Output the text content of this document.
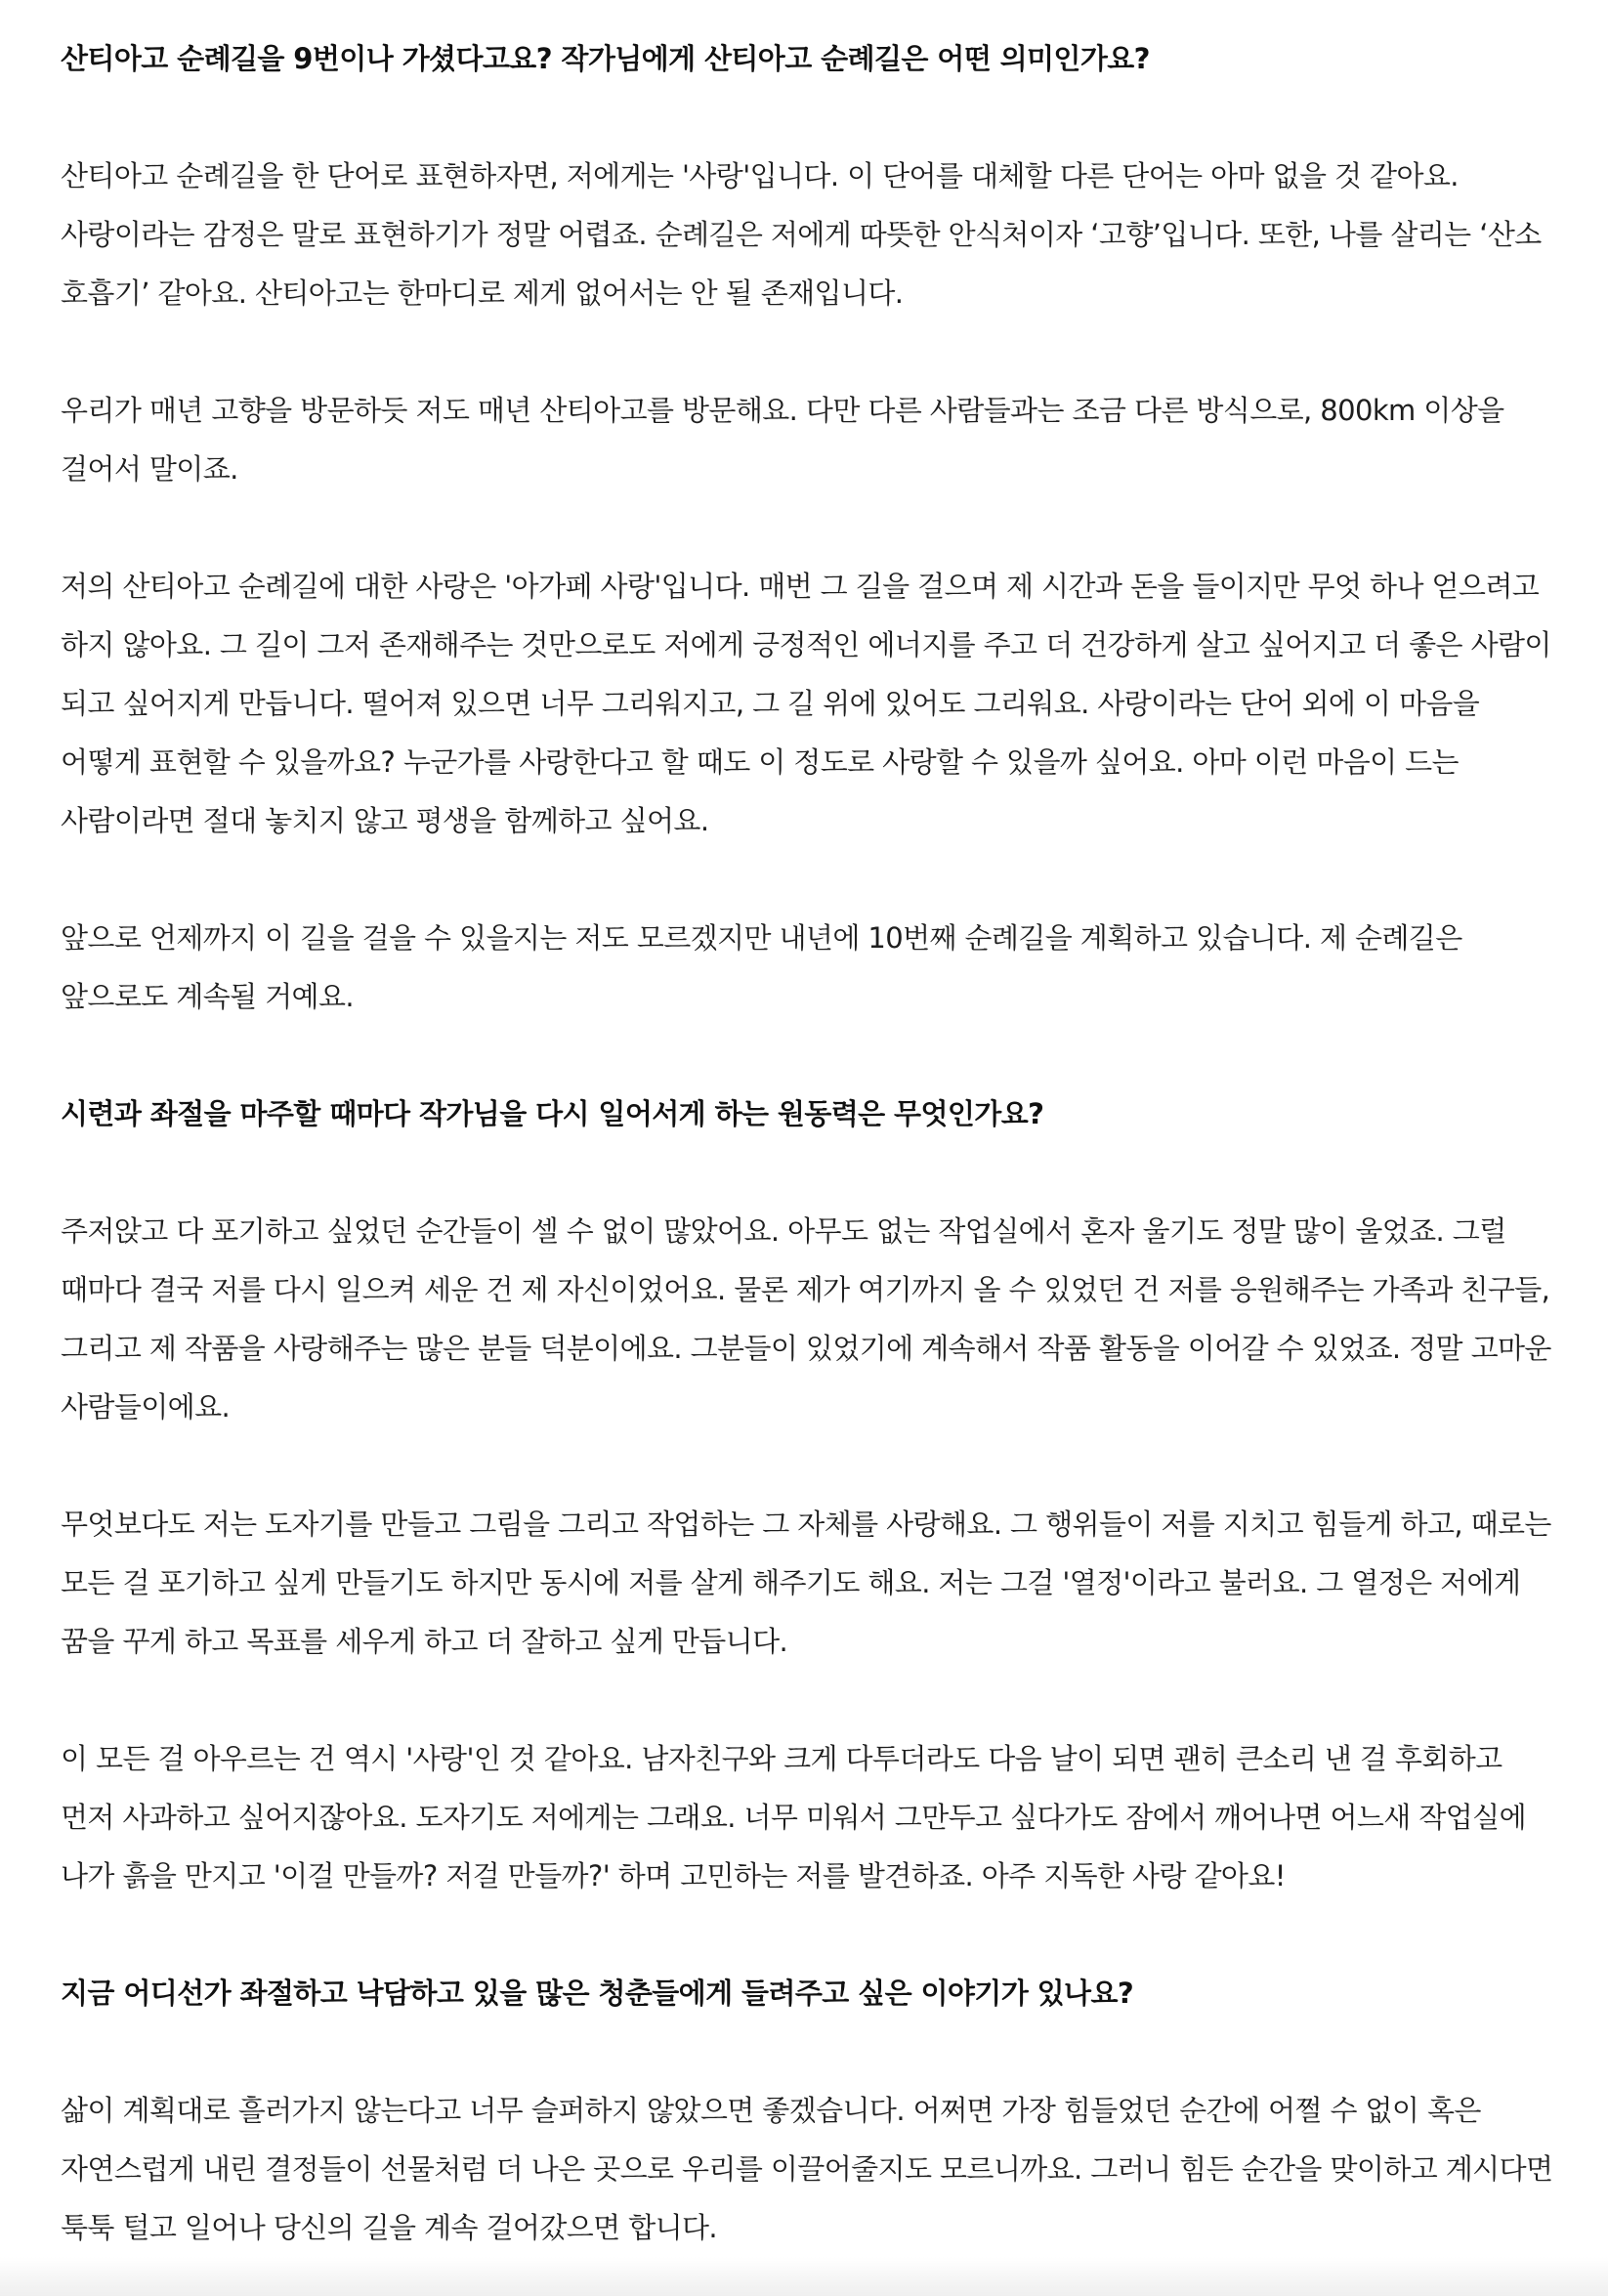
산티아고 순례길을 9번이나 가셨다고요? 작가님에게 산티아고 순례길은 어떤 의미인가요?

산티아고 순례길을 한 단어로 표현하자면, 저에게는 '사랑'입니다. 이 단어를 대체할 다른 단어는 아마 없을 것 같아요. 사랑이라는 감정은 말로 표현하기가 정말 어렵죠. 순례길은 저에게 따뜻한 안식처이자 ‘고향’입니다. 또한, 나를 살리는 ‘산소 호흡기’ 같아요. 산티아고는 한마디로 제게 없어서는 안 될 존재입니다.

우리가 매년 고향을 방문하듯 저도 매년 산티아고를 방문해요. 다만 다른 사람들과는 조금 다른 방식으로, 800km 이상을 걸어서 말이죠.

저의 산티아고 순례길에 대한 사랑은 '아가페 사랑'입니다. 매번 그 길을 걸으며 제 시간과 돈을 들이지만 무엇 하나 얻으려고 하지 않아요. 그 길이 그저 존재해주는 것만으로도 저에게 긍정적인 에너지를 주고 더 건강하게 살고 싶어지고 더 좋은 사람이 되고 싶어지게 만듭니다. 떨어져 있으면 너무 그리워지고, 그 길 위에 있어도 그리워요. 사랑이라는 단어 외에 이 마음을 어떻게 표현할 수 있을까요? 누군가를 사랑한다고 할 때도 이 정도로 사랑할 수 있을까 싶어요. 아마 이런 마음이 드는 사람이라면 절대 놓치지 않고 평생을 함께하고 싶어요.

앞으로 언제까지 이 길을 걸을 수 있을지는 저도 모르겠지만 내년에 10번째 순례길을 계획하고 있습니다. 제 순례길은 앞으로도 계속될 거예요.

시련과 좌절을 마주할 때마다 작가님을 다시 일어서게 하는 원동력은 무엇인가요?

주저앉고 다 포기하고 싶었던 순간들이 셀 수 없이 많았어요. 아무도 없는 작업실에서 혼자 울기도 정말 많이 울었죠. 그럴 때마다 결국 저를 다시 일으켜 세운 건 제 자신이었어요. 물론 제가 여기까지 올 수 있었던 건 저를 응원해주는 가족과 친구들, 그리고 제 작품을 사랑해주는 많은 분들 덕분이에요. 그분들이 있었기에 계속해서 작품 활동을 이어갈 수 있었죠. 정말 고마운 사람들이에요.

무엇보다도 저는 도자기를 만들고 그림을 그리고 작업하는 그 자체를 사랑해요. 그 행위들이 저를 지치고 힘들게 하고, 때로는 모든 걸 포기하고 싶게 만들기도 하지만 동시에 저를 살게 해주기도 해요. 저는 그걸 '열정'이라고 불러요. 그 열정은 저에게 꿈을 꾸게 하고 목표를 세우게 하고 더 잘하고 싶게 만듭니다.

이 모든 걸 아우르는 건 역시 '사랑'인 것 같아요. 남자친구와 크게 다투더라도 다음 날이 되면 괜히 큰소리 낸 걸 후회하고 먼저 사과하고 싶어지잖아요. 도자기도 저에게는 그래요. 너무 미워서 그만두고 싶다가도 잠에서 깨어나면 어느새 작업실에 나가 흙을 만지고 '이걸 만들까? 저걸 만들까?' 하며 고민하는 저를 발견하죠. 아주 지독한 사랑 같아요!

지금 어디선가 좌절하고 낙담하고 있을 많은 청춘들에게 들려주고 싶은 이야기가 있나요?

삶이 계획대로 흘러가지 않는다고 너무 슬퍼하지 않았으면 좋겠습니다. 어쩌면 가장 힘들었던 순간에 어쩔 수 없이 혹은 자연스럽게 내린 결정들이 선물처럼 더 나은 곳으로 우리를 이끌어줄지도 모르니까요. 그러니 힘든 순간을 맞이하고 계시다면 툭툭 털고 일어나 당신의 길을 계속 걸어갔으면 합니다.
